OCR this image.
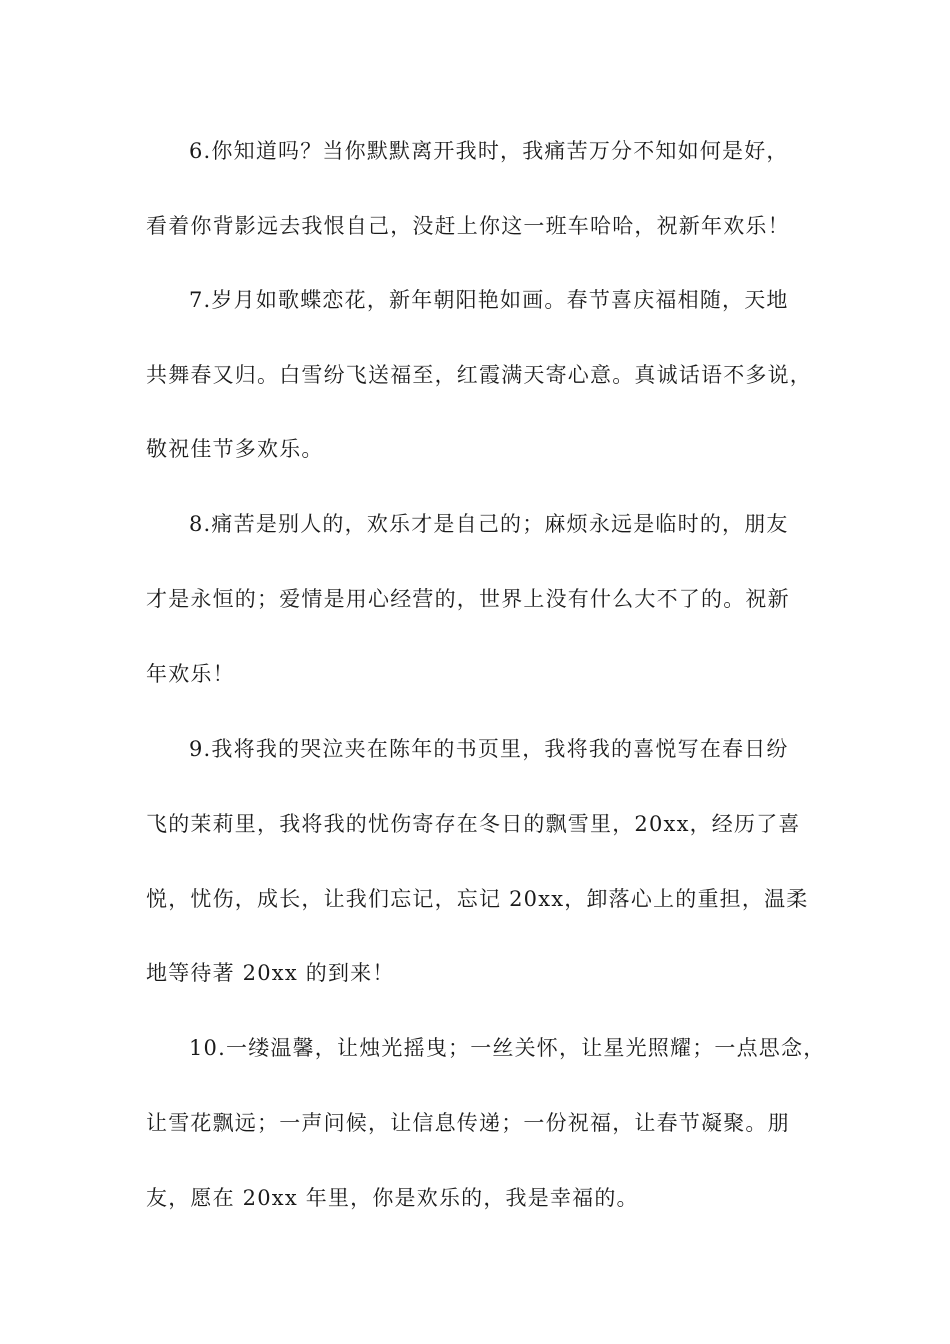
6.你知道吗？当你默默离开我时，我痛苦万分不知如何是好，
看着你背影远去我恨自己，没赶上你这一班车哈哈，祝新年欢乐！
7.岁月如歌蝶恋花，新年朝阳艳如画。春节喜庆福相随，天地
共舞春又归。白雪纷飞送福至，红霞满天寄心意。真诚话语不多说，
敬祝佳节多欢乐。
8.痛苦是别人的，欢乐才是自己的；麻烦永远是临时的，朋友
才是永恒的；爱情是用心经营的，世界上没有什么大不了的。祝新
年欢乐！
9.我将我的哭泣夹在陈年的书页里，我将我的喜悦写在春日纷
飞的茉莉里，我将我的忧伤寄存在冬日的飘雪里，20xx，经历了喜
悦，忧伤，成长，让我们忘记，忘记 20xx，卸落心上的重担，温柔
地等待著 20xx 的到来！
10.一缕温馨，让烛光摇曳；一丝关怀，让星光照耀；一点思念，
让雪花飘远；一声问候，让信息传递；一份祝福，让春节凝聚。朋
友，愿在 20xx 年里，你是欢乐的，我是幸福的。
